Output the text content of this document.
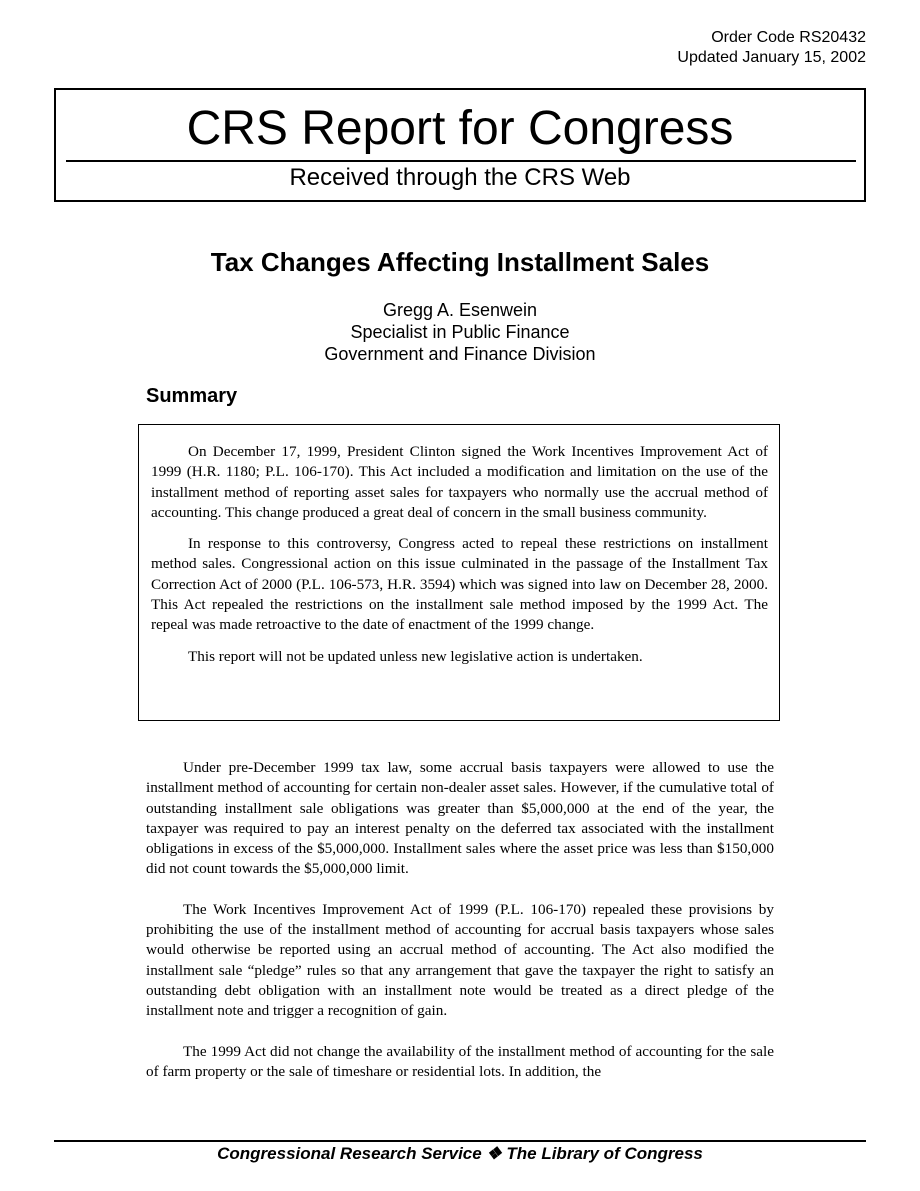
Order Code RS20432
Updated January 15, 2002
CRS Report for Congress
Received through the CRS Web
Tax Changes Affecting Installment Sales
Gregg A. Esenwein
Specialist in Public Finance
Government and Finance Division
Summary

On December 17, 1999, President Clinton signed the Work Incentives Improvement Act of 1999 (H.R. 1180; P.L. 106-170). This Act included a modification and limitation on the use of the installment method of reporting asset sales for taxpayers who normally use the accrual method of accounting. This change produced a great deal of concern in the small business community.

In response to this controversy, Congress acted to repeal these restrictions on installment method sales. Congressional action on this issue culminated in the passage of the Installment Tax Correction Act of 2000 (P.L. 106-573, H.R. 3594) which was signed into law on December 28, 2000. This Act repealed the restrictions on the installment sale method imposed by the 1999 Act. The repeal was made retroactive to the date of enactment of the 1999 change.

This report will not be updated unless new legislative action is undertaken.

Under pre-December 1999 tax law, some accrual basis taxpayers were allowed to use the installment method of accounting for certain non-dealer asset sales. However, if the cumulative total of outstanding installment sale obligations was greater than $5,000,000 at the end of the year, the taxpayer was required to pay an interest penalty on the deferred tax associated with the installment obligations in excess of the $5,000,000. Installment sales where the asset price was less than $150,000 did not count towards the $5,000,000 limit.

The Work Incentives Improvement Act of 1999 (P.L. 106-170) repealed these provisions by prohibiting the use of the installment method of accounting for accrual basis taxpayers whose sales would otherwise be reported using an accrual method of accounting. The Act also modified the installment sale “pledge” rules so that any arrangement that gave the taxpayer the right to satisfy an outstanding debt obligation with an installment note would be treated as a direct pledge of the installment note and trigger a recognition of gain.

The 1999 Act did not change the availability of the installment method of accounting for the sale of farm property or the sale of timeshare or residential lots. In addition, the

Congressional Research Service ❖ The Library of Congress
